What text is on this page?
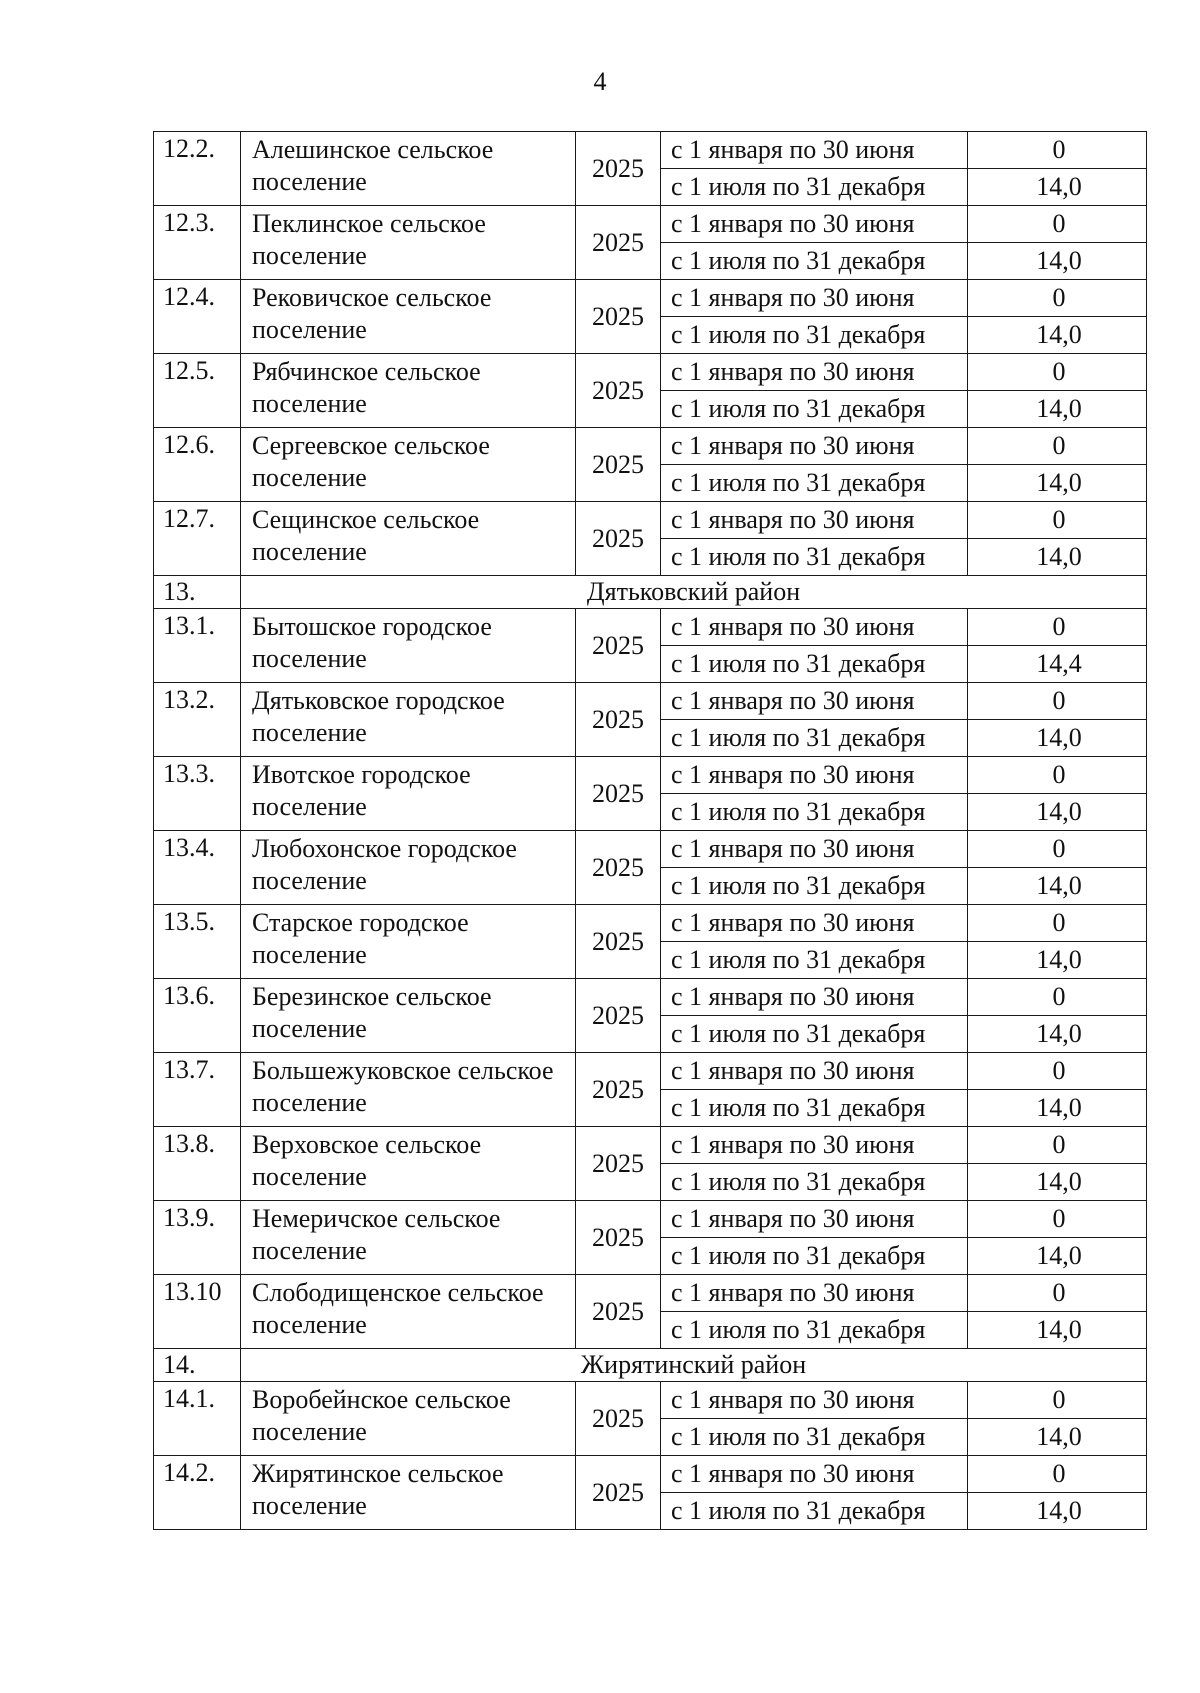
4
12.2.	Алешинское сельское поселение	2025	с 1 января по 30 июня	0
			с 1 июля по 31 декабря	14,0
12.3.	Пеклинское сельское поселение	2025	с 1 января по 30 июня	0
			с 1 июля по 31 декабря	14,0
12.4.	Рековичское сельское поселение	2025	с 1 января по 30 июня	0
			с 1 июля по 31 декабря	14,0
12.5.	Рябчинское сельское поселение	2025	с 1 января по 30 июня	0
			с 1 июля по 31 декабря	14,0
12.6.	Сергеевское сельское поселение	2025	с 1 января по 30 июня	0
			с 1 июля по 31 декабря	14,0
12.7.	Сещинское сельское поселение	2025	с 1 января по 30 июня	0
			с 1 июля по 31 декабря	14,0
13.	Дятьковский район			
13.1.	Бытошское городское поселение	2025	с 1 января по 30 июня	0
			с 1 июля по 31 декабря	14,4
13.2.	Дятьковское городское поселение	2025	с 1 января по 30 июня	0
			с 1 июля по 31 декабря	14,0
13.3.	Ивотское городское поселение	2025	с 1 января по 30 июня	0
			с 1 июля по 31 декабря	14,0
13.4.	Любохонское городское поселение	2025	с 1 января по 30 июня	0
			с 1 июля по 31 декабря	14,0
13.5.	Старское городское поселение	2025	с 1 января по 30 июня	0
			с 1 июля по 31 декабря	14,0
13.6.	Березинское сельское поселение	2025	с 1 января по 30 июня	0
			с 1 июля по 31 декабря	14,0
13.7.	Большежуковское сельское поселение	2025	с 1 января по 30 июня	0
			с 1 июля по 31 декабря	14,0
13.8.	Верховское сельское поселение	2025	с 1 января по 30 июня	0
			с 1 июля по 31 декабря	14,0
13.9.	Немеричское сельское поселение	2025	с 1 января по 30 июня	0
			с 1 июля по 31 декабря	14,0
13.10	Слободищенское сельское поселение	2025	с 1 января по 30 июня	0
			с 1 июля по 31 декабря	14,0
14.	Жирятинский район			
14.1.	Воробейнское сельское поселение	2025	с 1 января по 30 июня	0
			с 1 июля по 31 декабря	14,0
14.2.	Жирятинское сельское поселение	2025	с 1 января по 30 июня	0
			с 1 июля по 31 декабря	14,0
